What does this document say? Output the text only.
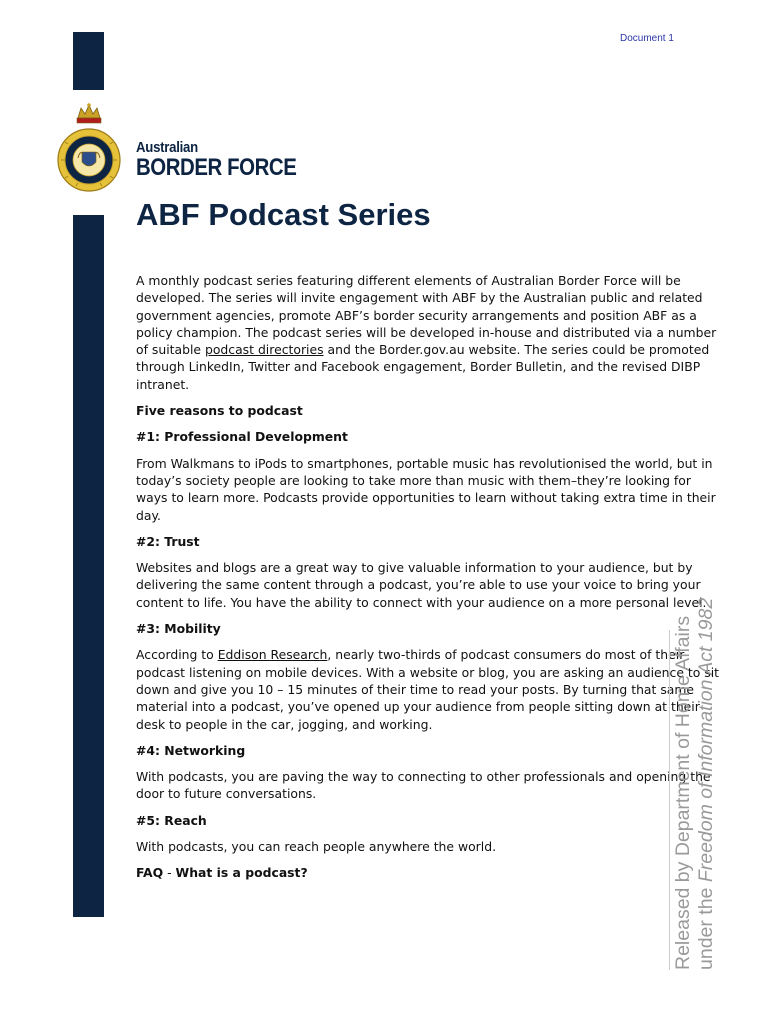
Document 1
Australian
BORDER FORCE
ABF Podcast Series

A monthly podcast series featuring different elements of Australian Border Force will be developed. The series will invite engagement with ABF by the Australian public and related government agencies, promote ABF’s border security arrangements and position ABF as a policy champion. The podcast series will be developed in-house and distributed via a number of suitable podcast directories and the Border.gov.au website. The series could be promoted through LinkedIn, Twitter and Facebook engagement, Border Bulletin, and the revised DIBP intranet.

Five reasons to podcast

#1: Professional Development

From Walkmans to iPods to smartphones, portable music has revolutionised the world, but in today’s society people are looking to take more than music with them–they’re looking for ways to learn more. Podcasts provide opportunities to learn without taking extra time in their day.

#2: Trust

Websites and blogs are a great way to give valuable information to your audience, but by delivering the same content through a podcast, you’re able to use your voice to bring your content to life. You have the ability to connect with your audience on a more personal level.

#3: Mobility

According to Eddison Research, nearly two-thirds of podcast consumers do most of their podcast listening on mobile devices. With a website or blog, you are asking an audience to sit down and give you 10 – 15 minutes of their time to read your posts. By turning that same material into a podcast, you’ve opened up your audience from people sitting down at their desk to people in the car, jogging, and working.

#4: Networking

With podcasts, you are paving the way to connecting to other professionals and opening the door to future conversations.

#5: Reach

With podcasts, you can reach people anywhere the world.

FAQ - What is a podcast?	Released by Department of Home Affairs under the Freedom of Information Act 1982
